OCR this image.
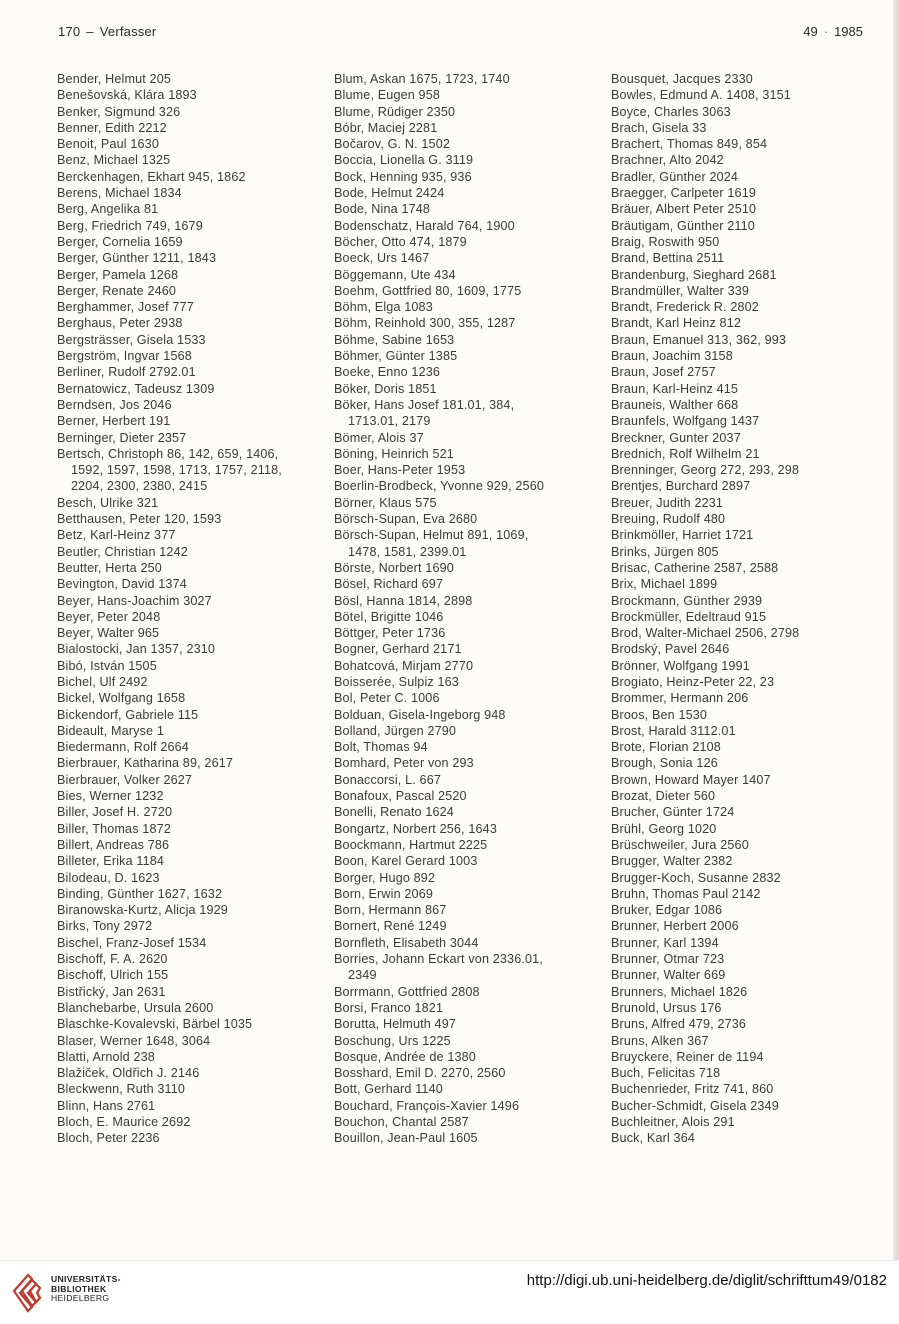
170 – Verfasser	49 · 1985
Bender, Helmut 205
Benešovská, Klára 1893
Benker, Sigmund 326
Benner, Edith 2212
Benoit, Paul 1630
Benz, Michael 1325
Berckenhagen, Ekhart 945, 1862
Berens, Michael 1834
Berg, Angelika 81
Berg, Friedrich 749, 1679
Berger, Cornelia 1659
Berger, Günther 1211, 1843
Berger, Pamela 1268
Berger, Renate 2460
Berghammer, Josef 777
Berghaus, Peter 2938
Bergsträsser, Gisela 1533
Bergström, Ingvar 1568
Berliner, Rudolf 2792.01
Bernatowicz, Tadeusz 1309
Berndsen, Jos 2046
Berner, Herbert 191
Berninger, Dieter 2357
Bertsch, Christoph 86, 142, 659, 1406,
1592, 1597, 1598, 1713, 1757, 2118,
2204, 2300, 2380, 2415
Besch, Ulrike 321
Betthausen, Peter 120, 1593
Betz, Karl-Heinz 377
Beutler, Christian 1242
Beutter, Herta 250
Bevington, David 1374
Beyer, Hans-Joachim 3027
Beyer, Peter 2048
Beyer, Walter 965
Bialostocki, Jan 1357, 2310
Bibó, István 1505
Bichel, Ulf 2492
Bickel, Wolfgang 1658
Bickendorf, Gabriele 115
Bideault, Maryse 1
Biedermann, Rolf 2664
Bierbrauer, Katharina 89, 2617
Bierbrauer, Volker 2627
Bies, Werner 1232
Biller, Josef H. 2720
Biller, Thomas 1872
Billert, Andreas 786
Billeter, Erika 1184
Bilodeau, D. 1623
Binding, Günther 1627, 1632
Biranowska-Kurtz, Alicja 1929
Birks, Tony 2972
Bischel, Franz-Josef 1534
Bischoff, F. A. 2620
Bischoff, Ulrich 155
Bistřický, Jan 2631
Blanchebarbe, Ursula 2600
Blaschke-Kovalevski, Bärbel 1035
Blaser, Werner 1648, 3064
Blatti, Arnold 238
Blažiček, Oldřich J. 2146
Bleckwenn, Ruth 3110
Blinn, Hans 2761
Bloch, E. Maurice 2692
Bloch, Peter 2236
Blum, Askan 1675, 1723, 1740
Blume, Eugen 958
Blume, Rüdiger 2350
Bóbr, Maciej 2281
Bočarov, G. N. 1502
Boccia, Lionella G. 3119
Bock, Henning 935, 936
Bode, Helmut 2424
Bode, Nina 1748
Bodenschatz, Harald 764, 1900
Böcher, Otto 474, 1879
Boeck, Urs 1467
Böggemann, Ute 434
Boehm, Gottfried 80, 1609, 1775
Böhm, Elga 1083
Böhm, Reinhold 300, 355, 1287
Böhme, Sabine 1653
Böhmer, Günter 1385
Boeke, Enno 1236
Böker, Doris 1851
Böker, Hans Josef 181.01, 384,
1713.01, 2179
Bömer, Alois 37
Böning, Heinrich 521
Boer, Hans-Peter 1953
Boerlin-Brodbeck, Yvonne 929, 2560
Börner, Klaus 575
Börsch-Supan, Eva 2680
Börsch-Supan, Helmut 891, 1069,
1478, 1581, 2399.01
Börste, Norbert 1690
Bösel, Richard 697
Bösl, Hanna 1814, 2898
Bötel, Brigitte 1046
Böttger, Peter 1736
Bogner, Gerhard 2171
Bohatcová, Mirjam 2770
Boisserée, Sulpiz 163
Bol, Peter C. 1006
Bolduan, Gisela-Ingeborg 948
Bolland, Jürgen 2790
Bolt, Thomas 94
Bomhard, Peter von 293
Bonaccorsi, L. 667
Bonafoux, Pascal 2520
Bonelli, Renato 1624
Bongartz, Norbert 256, 1643
Boockmann, Hartmut 2225
Boon, Karel Gerard 1003
Borger, Hugo 892
Born, Erwin 2069
Born, Hermann 867
Bornert, René 1249
Bornfleth, Elisabeth 3044
Borries, Johann Eckart von 2336.01,
2349
Borrmann, Gottfried 2808
Borsi, Franco 1821
Borutta, Helmuth 497
Boschung, Urs 1225
Bosque, Andrée de 1380
Bosshard, Emil D. 2270, 2560
Bott, Gerhard 1140
Bouchard, François-Xavier 1496
Bouchon, Chantal 2587
Bouillon, Jean-Paul 1605
Bousquet, Jacques 2330
Bowles, Edmund A. 1408, 3151
Boyce, Charles 3063
Brach, Gisela 33
Brachert, Thomas 849, 854
Brachner, Alto 2042
Bradler, Günther 2024
Braegger, Carlpeter 1619
Bräuer, Albert Peter 2510
Bräutigam, Günther 2110
Braig, Roswith 950
Brand, Bettina 2511
Brandenburg, Sieghard 2681
Brandmüller, Walter 339
Brandt, Frederick R. 2802
Brandt, Karl Heinz 812
Braun, Emanuel 313, 362, 993
Braun, Joachim 3158
Braun, Josef 2757
Braun, Karl-Heinz 415
Brauneis, Walther 668
Braunfels, Wolfgang 1437
Breckner, Gunter 2037
Brednich, Rolf Wilhelm 21
Brenninger, Georg 272, 293, 298
Brentjes, Burchard 2897
Breuer, Judith 2231
Breuing, Rudolf 480
Brinkmöller, Harriet 1721
Brinks, Jürgen 805
Brisac, Catherine 2587, 2588
Brix, Michael 1899
Brockmann, Günther 2939
Brockmüller, Edeltraud 915
Brod, Walter-Michael 2506, 2798
Brodský, Pavel 2646
Brönner, Wolfgang 1991
Brogiato, Heinz-Peter 22, 23
Brommer, Hermann 206
Broos, Ben 1530
Brost, Harald 3112.01
Brote, Florian 2108
Brough, Sonia 126
Brown, Howard Mayer 1407
Brozat, Dieter 560
Brucher, Günter 1724
Brühl, Georg 1020
Brüschweiler, Jura 2560
Brugger, Walter 2382
Brugger-Koch, Susanne 2832
Bruhn, Thomas Paul 2142
Bruker, Edgar 1086
Brunner, Herbert 2006
Brunner, Karl 1394
Brunner, Otmar 723
Brunner, Walter 669
Brunners, Michael 1826
Brunold, Ursus 176
Bruns, Alfred 479, 2736
Bruns, Alken 367
Bruyckere, Reiner de 1194
Buch, Felicitas 718
Buchenrieder, Fritz 741, 860
Bucher-Schmidt, Gisela 2349
Buchleitner, Alois 291
Buck, Karl 364
UNIVERSITÄTS-
BIBLIOTHEK
HEIDELBERG
http://digi.ub.uni-heidelberg.de/diglit/schrifttum49/0182
